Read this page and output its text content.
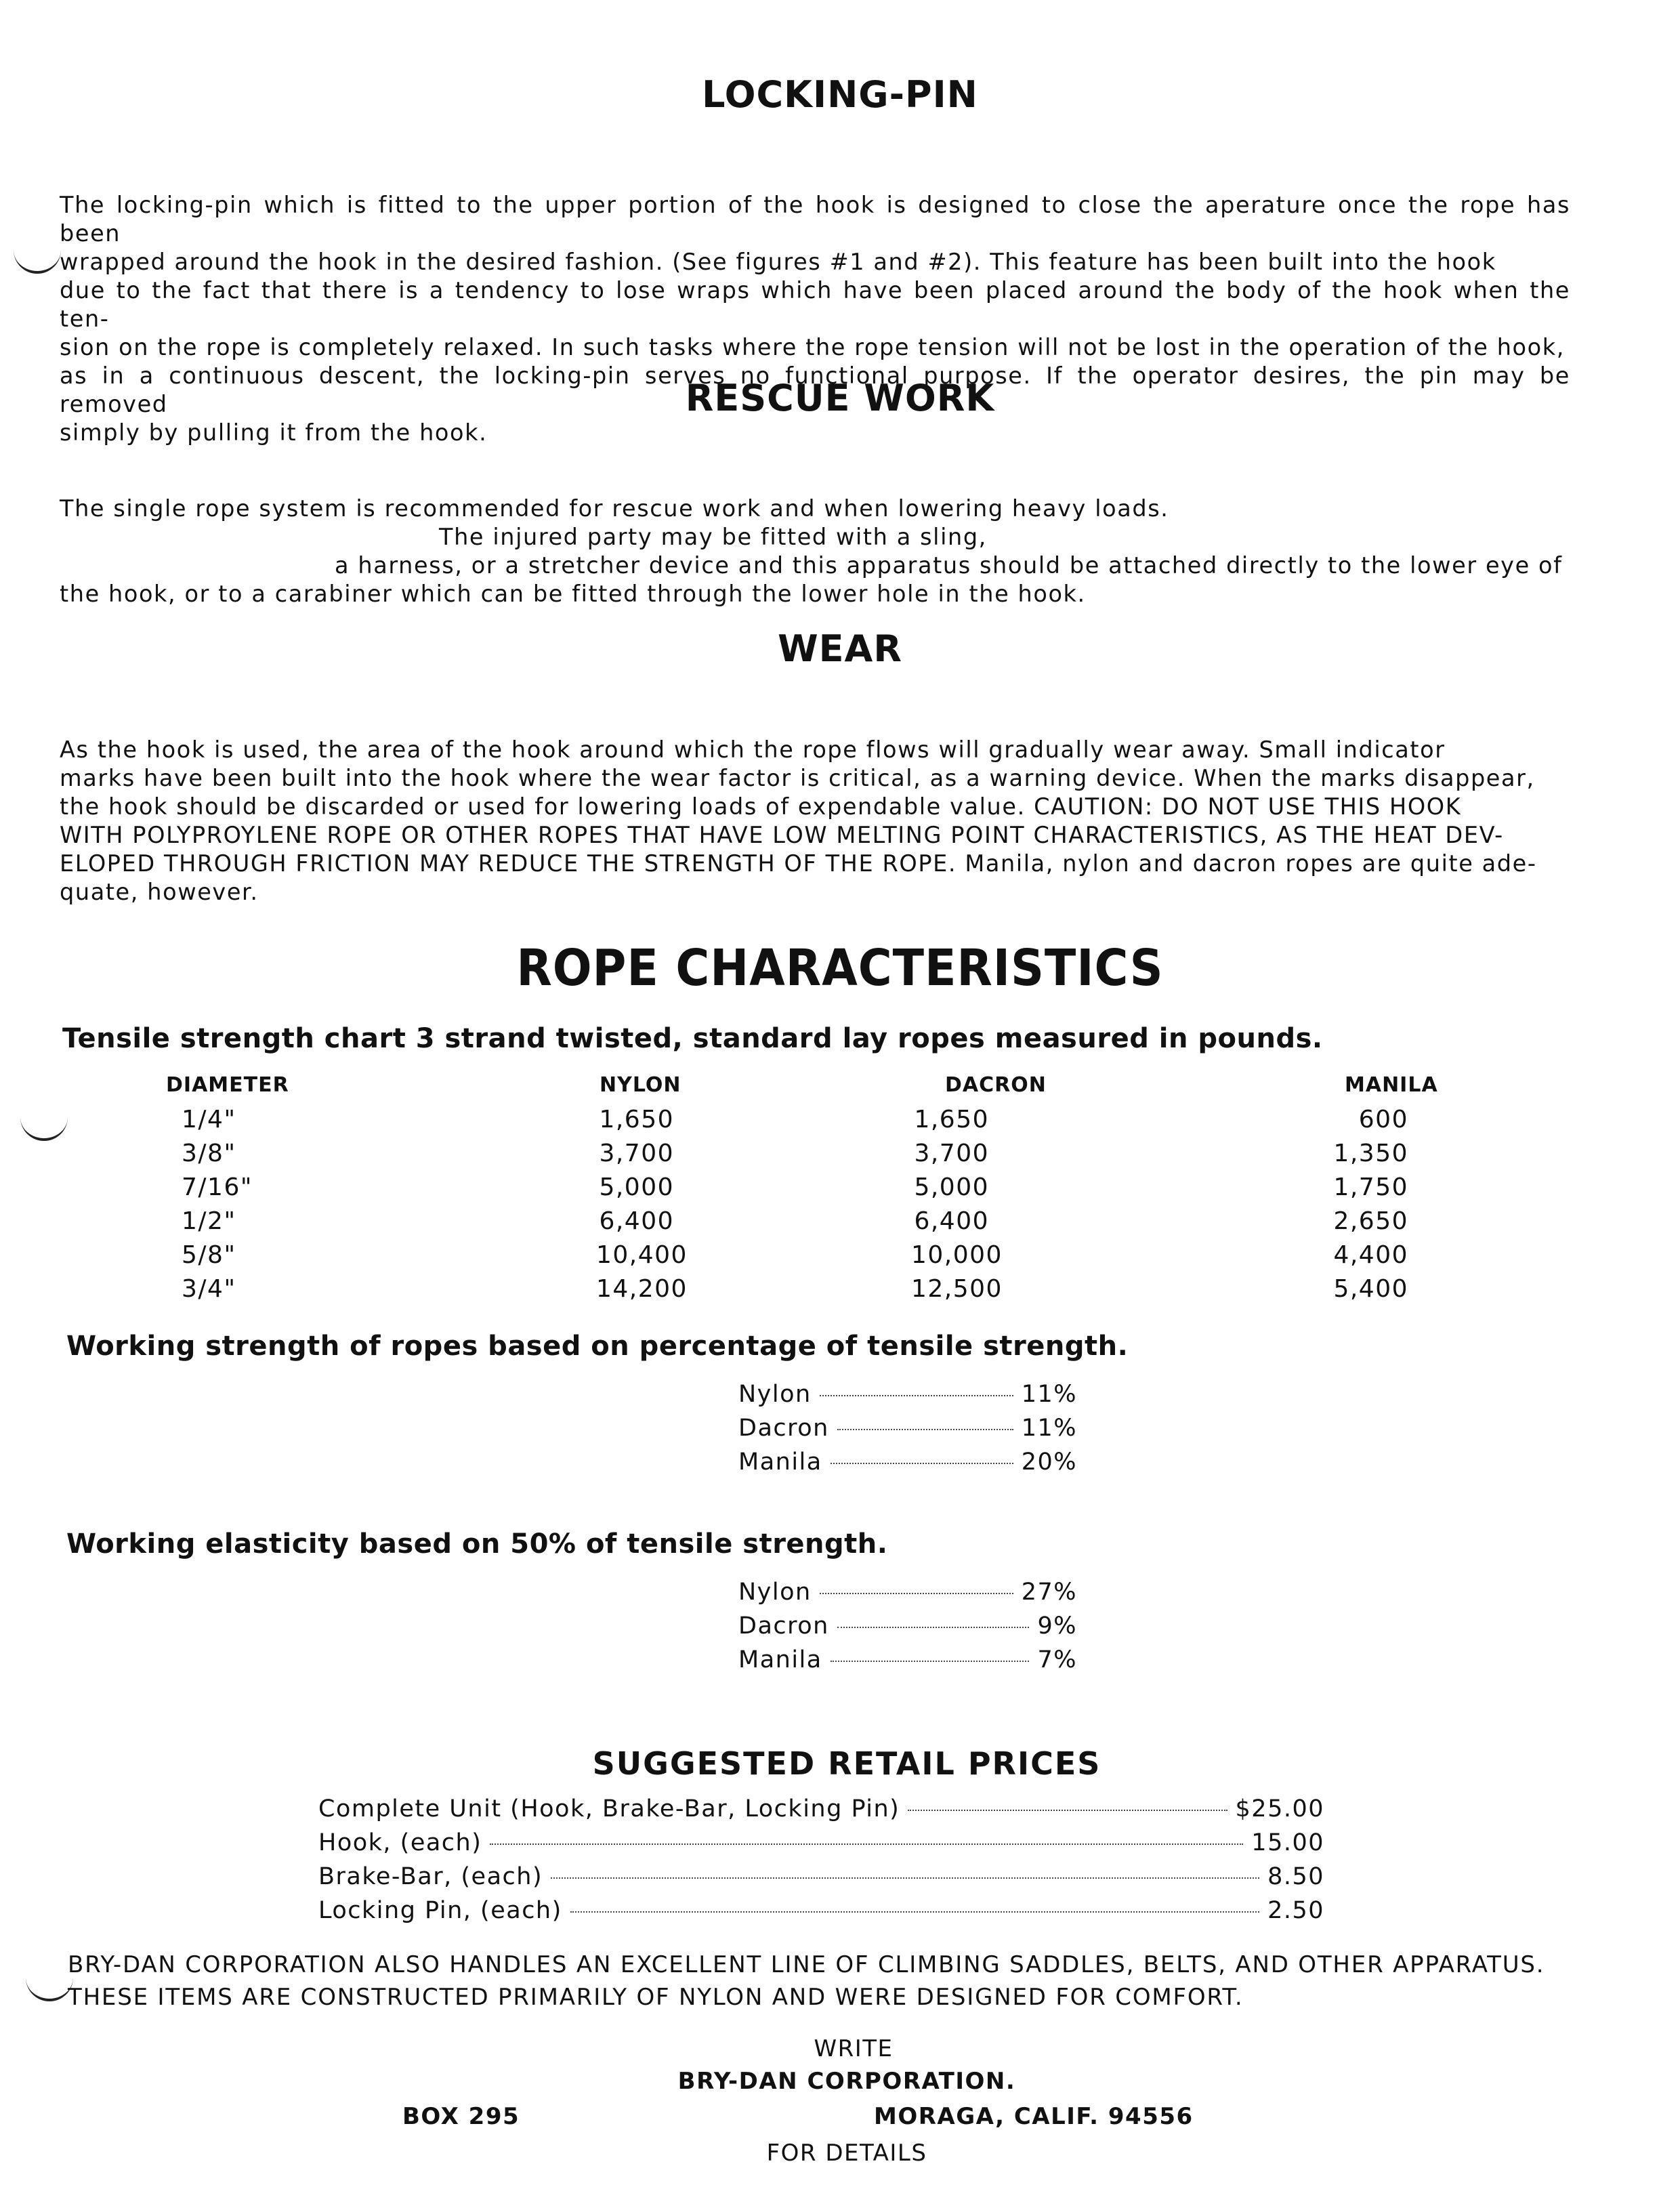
LOCKING-PIN

The locking-pin which is fitted to the upper portion of the hook is designed to close the aperature once the rope has been

wrapped around the hook in the desired fashion. (See figures #1 and #2). This feature has been built into the hook

due to the fact that there is a tendency to lose wraps which have been placed around the body of the hook when the ten-

sion on the rope is completely relaxed. In such tasks where the rope tension will not be lost in the operation of the hook,

as in a continuous descent, the locking-pin serves no functional purpose. If the operator desires, the pin may be removed

simply by pulling it from the hook.

RESCUE WORK

The single rope system is recommended for rescue work and when lowering heavy loads.

The injured party may be fitted with a sling,

a harness, or a stretcher device and this apparatus should be attached directly to the lower eye of

the hook, or to a carabiner which can be fitted through the lower hole in the hook.

WEAR

As the hook is used, the area of the hook around which the rope flows will gradually wear away. Small indicator

marks have been built into the hook where the wear factor is critical, as a warning device. When the marks disappear,

the hook should be discarded or used for lowering loads of expendable value. CAUTION: DO NOT USE THIS HOOK

WITH POLYPROYLENE ROPE OR OTHER ROPES THAT HAVE LOW MELTING POINT CHARACTERISTICS, AS THE HEAT DEV-

ELOPED THROUGH FRICTION MAY REDUCE THE STRENGTH OF THE ROPE. Manila, nylon and dacron ropes are quite ade-

quate, however.

ROPE CHARACTERISTICS
Tensile strength chart 3 strand twisted, standard lay ropes measured in pounds.
DIAMETER	NYLON	DACRON	MANILA
1/4"	1,650	1,650	600
3/8"	3,700	3,700	1,350
7/16"	5,000	5,000	1,750
1/2"	6,400	6,400	2,650
5/8"	10,400	10,000	4,400
3/4"	14,200	12,500	5,400
Working strength of ropes based on percentage of tensile strength.
Nylon	11%
Dacron	11%
Manila	20%
Working elasticity based on 50% of tensile strength.
Nylon	27%
Dacron	9%
Manila	7%
SUGGESTED RETAIL PRICES
Complete Unit (Hook, Brake-Bar, Locking Pin)	$25.00
Hook, (each)	15.00
Brake-Bar, (each)	8.50
Locking Pin, (each)	2.50
BRY-DAN CORPORATION ALSO HANDLES AN EXCELLENT LINE OF CLIMBING SADDLES, BELTS, AND OTHER APPARATUS.
THESE ITEMS ARE CONSTRUCTED PRIMARILY OF NYLON AND WERE DESIGNED FOR COMFORT.
WRITE
BRY-DAN CORPORATION.
BOX 295	MORAGA, CALIF. 94556
FOR DETAILS
